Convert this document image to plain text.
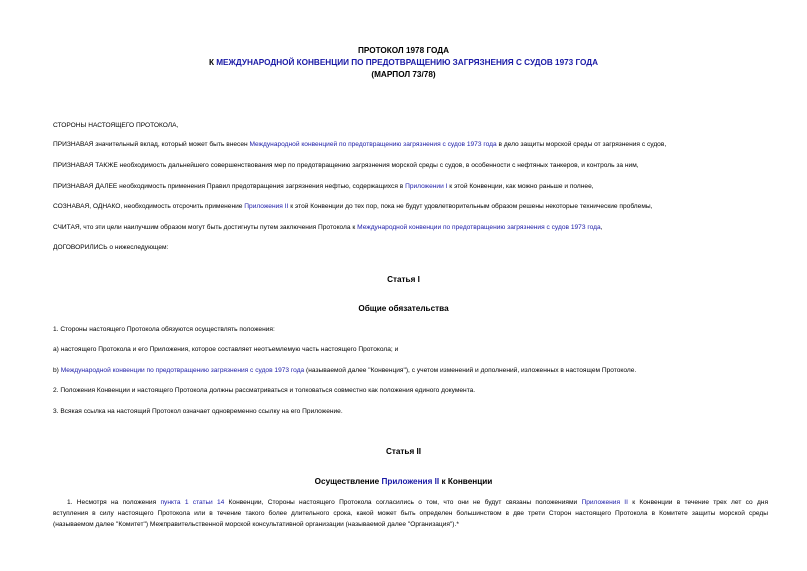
ПРОТОКОЛ 1978 ГОДА
К МЕЖДУНАРОДНОЙ КОНВЕНЦИИ ПО ПРЕДОТВРАЩЕНИЮ ЗАГРЯЗНЕНИЯ С СУДОВ 1973 ГОДА
(МАРПОЛ 73/78)
СТОРОНЫ НАСТОЯЩЕГО ПРОТОКОЛА,
ПРИЗНАВАЯ значительный вклад, который может быть внесен Международной конвенцией по предотвращению загрязнения с судов 1973 года в дело защиты морской среды от загрязнения с судов,
ПРИЗНАВАЯ ТАКЖЕ необходимость дальнейшего совершенствования мер по предотвращению загрязнения морской среды с судов, в особенности с нефтяных танкеров, и контроль за ним,
ПРИЗНАВАЯ ДАЛЕЕ необходимость применения Правил предотвращения загрязнения нефтью, содержащихся в Приложении I к этой Конвенции, как можно раньше и полнее,
СОЗНАВАЯ, ОДНАКО, необходимость отсрочить применение Приложения II к этой Конвенции до тех пор, пока не будут удовлетворительным образом решены некоторые технические проблемы,
СЧИТАЯ, что эти цели наилучшим образом могут быть достигнуты путем заключения Протокола к Международной конвенции по предотвращению загрязнения с судов 1973 года,
ДОГОВОРИЛИСЬ о нижеследующем:
Статья I
Общие обязательства
1. Стороны настоящего Протокола обязуются осуществлять положения:
а) настоящего Протокола и его Приложения, которое составляет неотъемлемую часть настоящего Протокола; и
b) Международной конвенции по предотвращению загрязнения с судов 1973 года (называемой далее "Конвенция"), с учетом изменений и дополнений, изложенных в настоящем Протоколе.
2. Положения Конвенции и настоящего Протокола должны рассматриваться и толковаться совместно как положения единого документа.
3. Всякая ссылка на настоящий Протокол означает одновременно ссылку на его Приложение.
Статья II
Осуществление Приложения II к Конвенции
1. Несмотря на положения пункта 1 статьи 14 Конвенции, Стороны настоящего Протокола согласились о том, что они не будут связаны положениями Приложения II к Конвенции в течение трех лет со дня
вступления в силу настоящего Протокола или в течение такого более длительного срока, какой может быть определен большинством в две трети Сторон настоящего Протокола в Комитете защиты морской среды
(называемом далее "Комитет") Межправительственной морской консультативной организации (называемой далее "Организация").*
